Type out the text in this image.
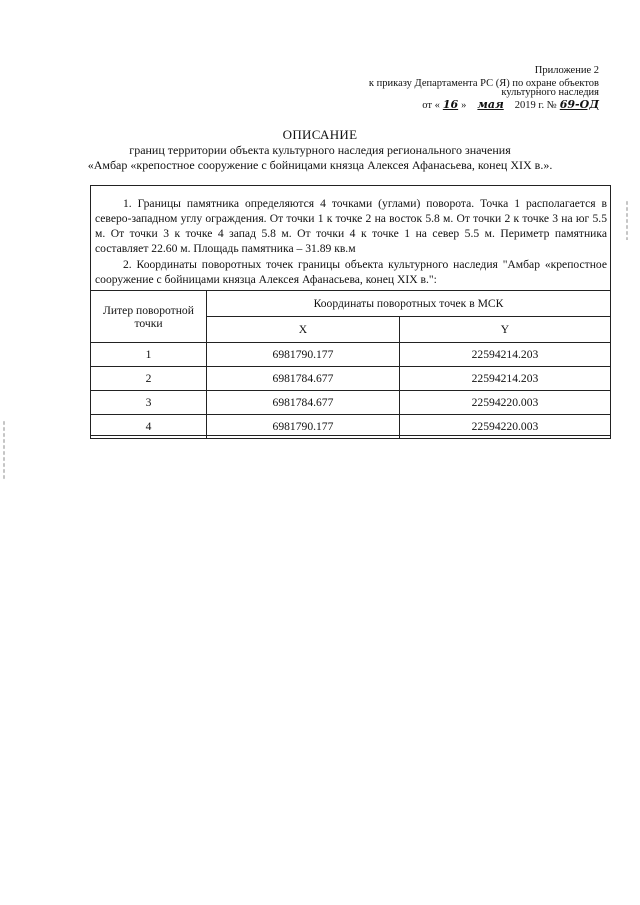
Приложение 2
к приказу Департамента РС (Я) по охране объектов
культурного наследия
от « 16 »	мая	2019 г. № 69-ОД
ОПИСАНИЕ
границ территории объекта культурного наследия регионального значения
«Амбар «крепостное сооружение с бойницами князца Алексея Афанасьева, конец XIX в.».

1. Границы памятника определяются 4 точками (углами) поворота. Точка 1 располагается в северо-западном углу ограждения. От точки 1 к точке 2 на восток 5.8 м. От точки 2 к точке 3 на юг 5.5 м. От точки 3 к точке 4 запад 5.8 м. От точки 4 к точке 1 на север 5.5 м. Периметр памятника составляет 22.60 м. Площадь памятника – 31.89 кв.м

2. Координаты поворотных точек границы объекта культурного наследия "Амбар «крепостное сооружение с бойницами князца Алексея Афанасьева, конец XIX в.":

Литер поворотной точки	Координаты поворотных точек в МСК	
	X	Y
1	6981790.177	22594214.203
2	6981784.677	22594214.203
3	6981784.677	22594220.003
4	6981790.177	22594220.003
